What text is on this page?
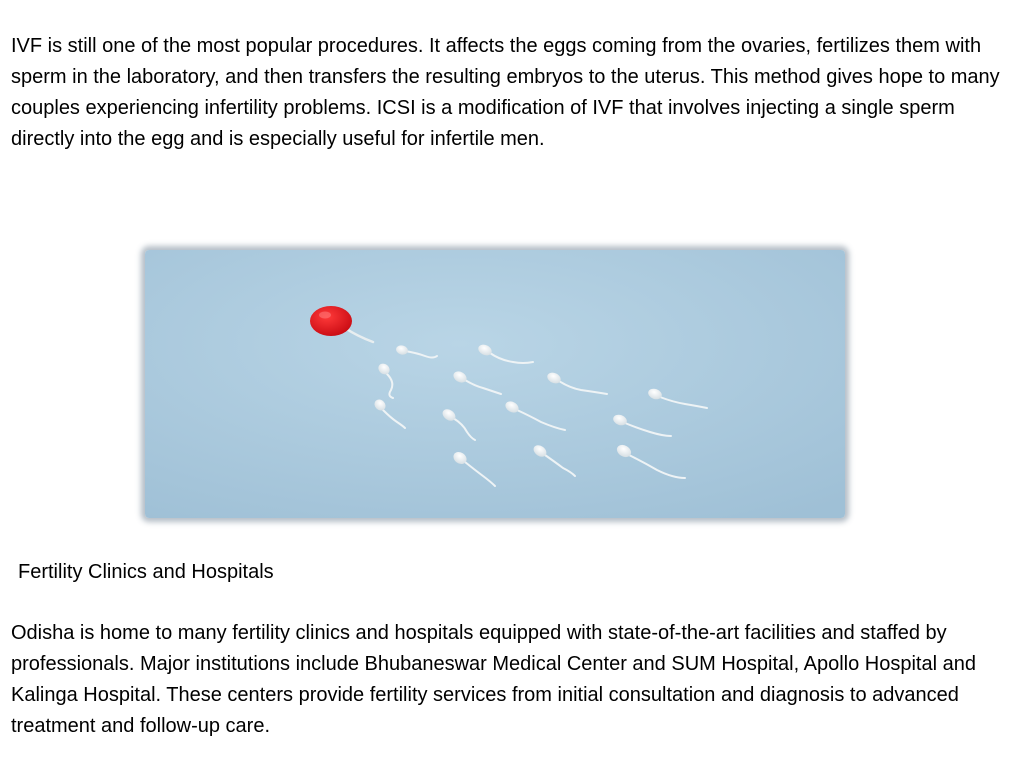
IVF is still one of the most popular procedures. It affects the eggs coming from the ovaries, fertilizes them with sperm in the laboratory, and then transfers the resulting embryos to the uterus. This method gives hope to many couples experiencing infertility problems. ICSI is a modification of IVF that involves injecting a single sperm directly into the egg and is especially useful for infertile men.

Fertility Clinics and Hospitals

Odisha is home to many fertility clinics and hospitals equipped with state-of-the-art facilities and staffed by professionals. Major institutions include Bhubaneswar Medical Center and SUM Hospital, Apollo Hospital and Kalinga Hospital. These centers provide fertility services from initial consultation and diagnosis to advanced treatment and follow-up care.
